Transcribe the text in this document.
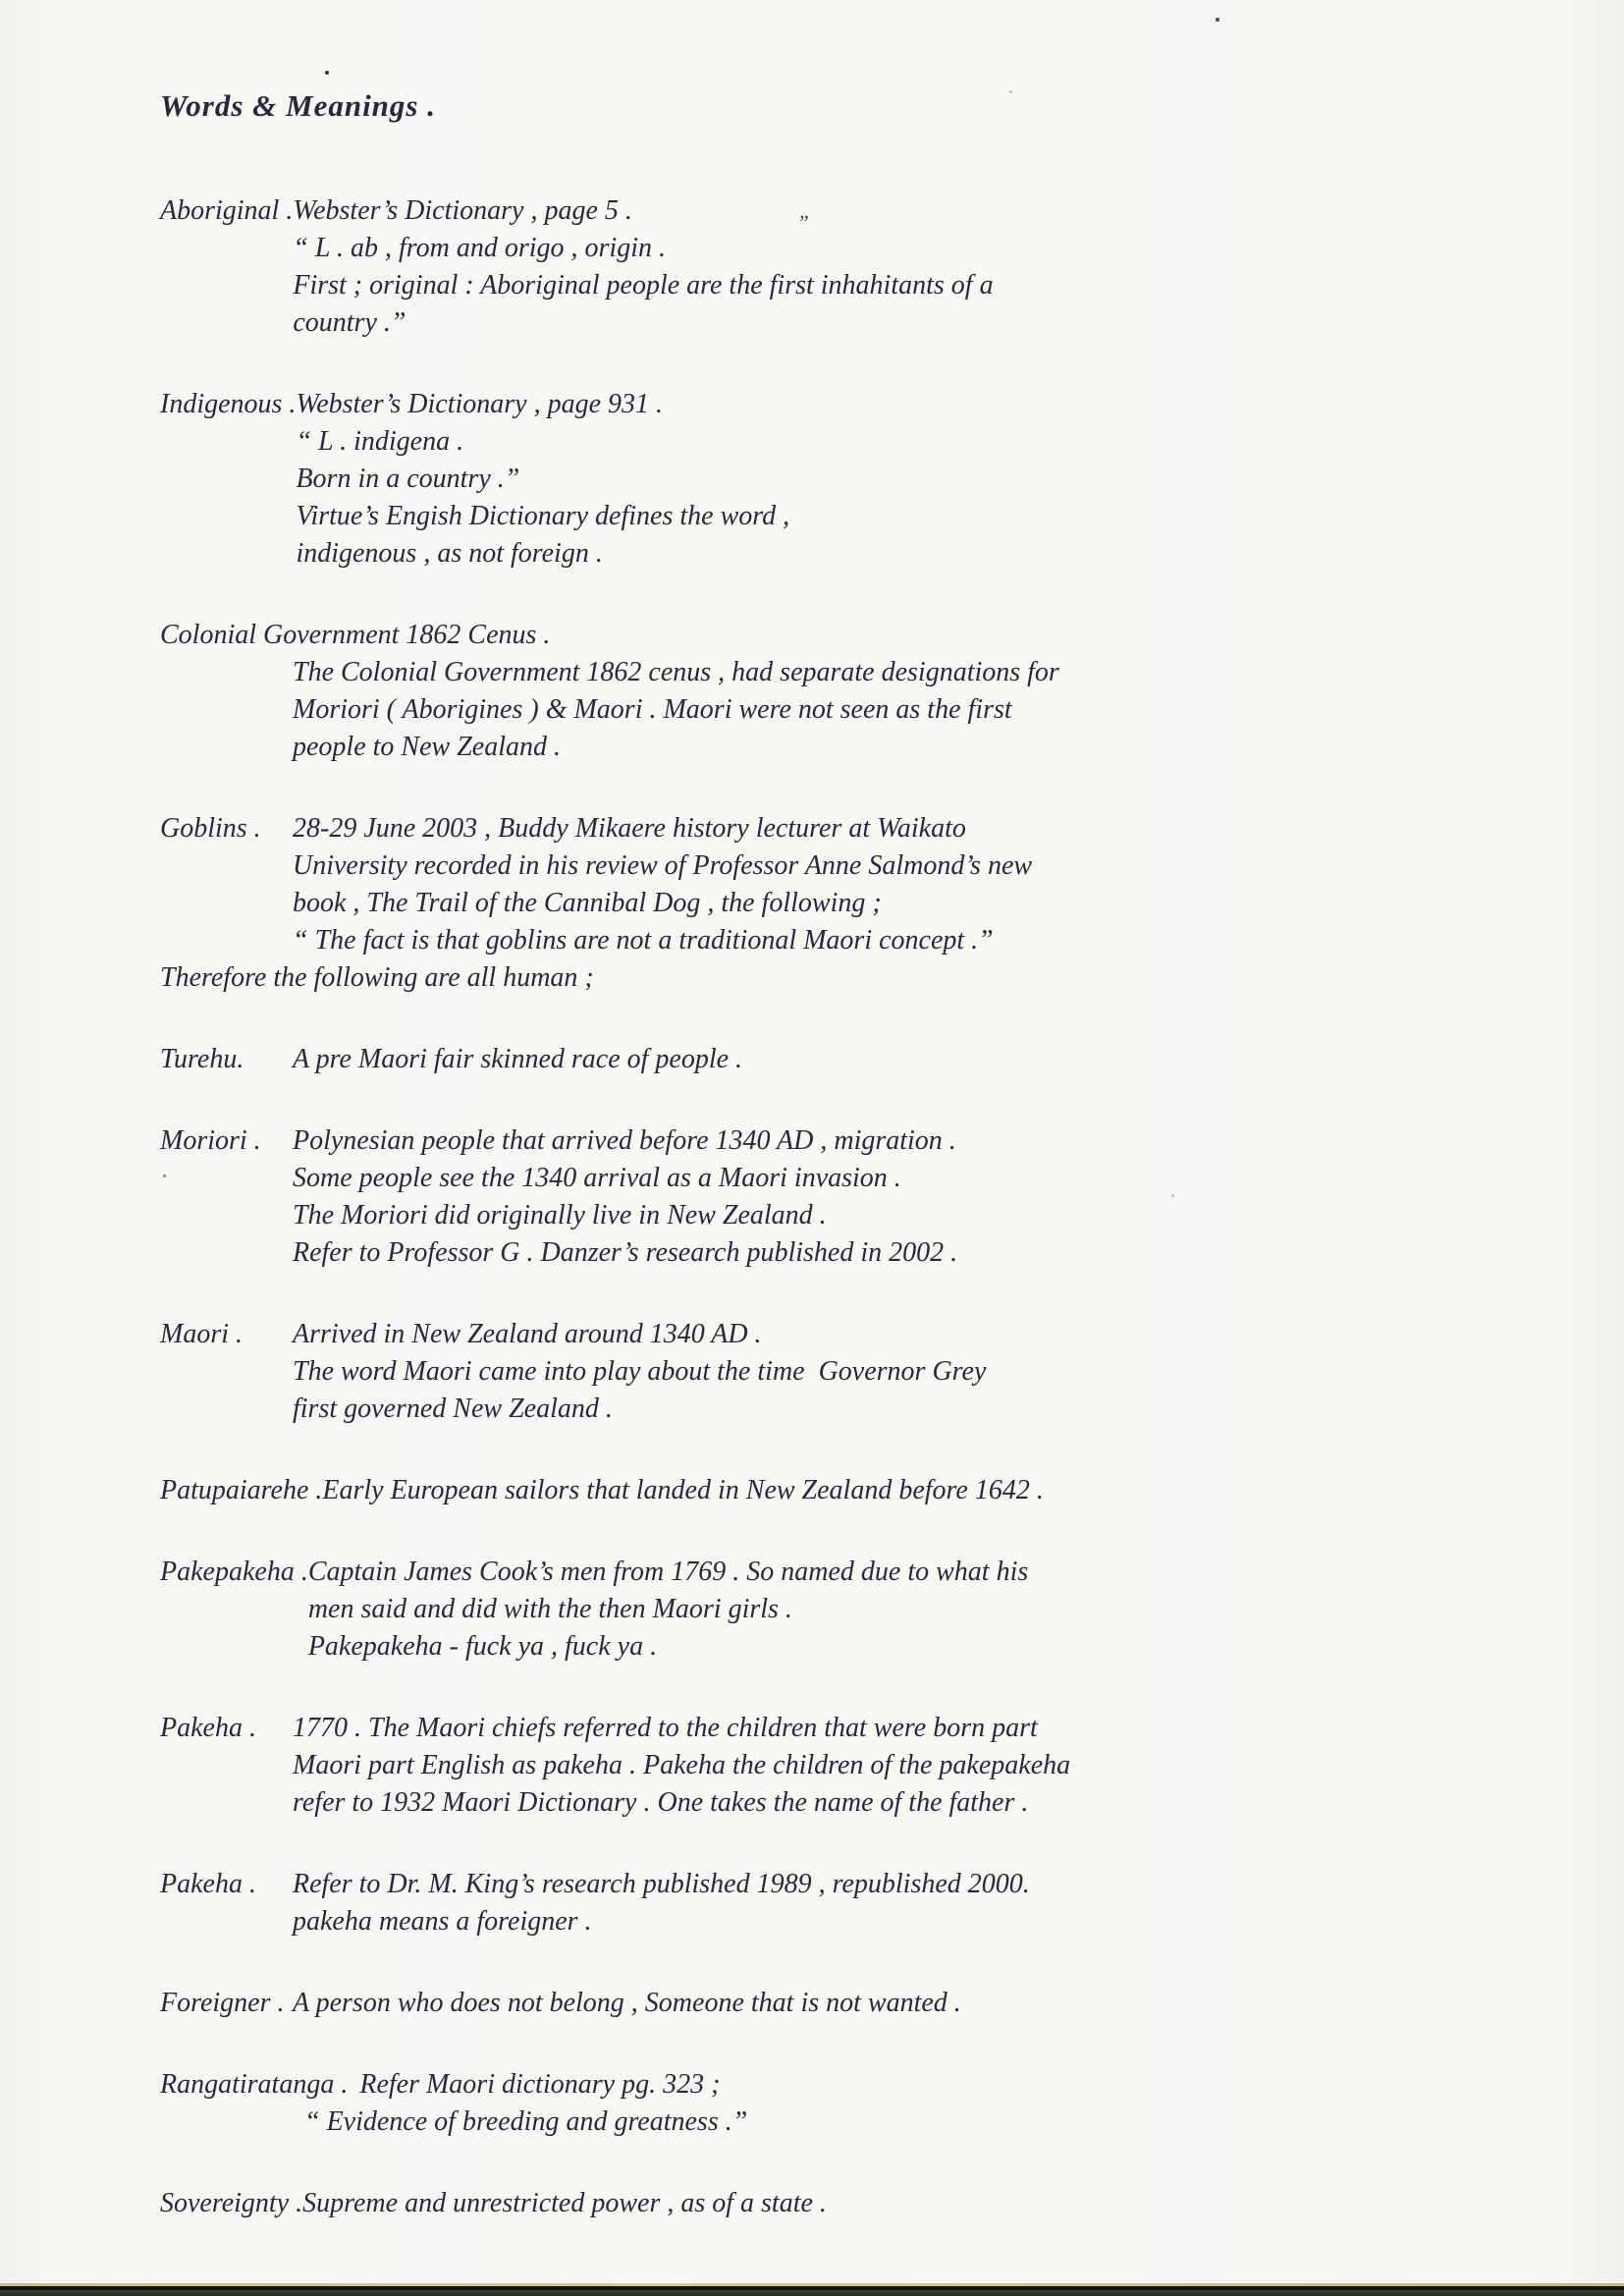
Words & Meanings .
Aboriginal . Webster’s Dictionary , page 5 .
“ L . ab , from and origo , origin .
First ; original : Aboriginal people are the first inhahitants of a
country .”
Indigenous . Webster’s Dictionary , page 931 .
“ L . indigena .
Born in a country .”
Virtue’s Engish Dictionary defines the word ,
indigenous , as not foreign .
Colonial Government 1862 Cenus .
The Colonial Government 1862 cenus , had separate designations for
Moriori ( Aborigines ) & Maori . Maori were not seen as the first
people to New Zealand .
Goblins .	28-29 June 2003 , Buddy Mikaere history lecturer at Waikato
University recorded in his review of Professor Anne Salmond’s new
book , The Trail of the Cannibal Dog , the following ;
“ The fact is that goblins are not a traditional Maori concept .”
Therefore the following are all human ;
Turehu.	A pre Maori fair skinned race of people .
Moriori .	Polynesian people that arrived before 1340 AD , migration .
Some people see the 1340 arrival as a Maori invasion .
The Moriori did originally live in New Zealand .
Refer to Professor G . Danzer’s research published in 2002 .
Maori .	Arrived in New Zealand around 1340 AD .
The word Maori came into play about the time  Governor Grey
first governed New Zealand .
Patupaiarehe .Early European sailors that landed in New Zealand before 1642 .
Pakepakeha . Captain James Cook’s men from 1769 . So named due to what his
men said and did with the then Maori girls .
Pakepakeha - fuck ya , fuck ya .
Pakeha .	1770 . The Maori chiefs referred to the children that were born part
Maori part English as pakeha . Pakeha the children of the pakepakeha
refer to 1932 Maori Dictionary . One takes the name of the father .
Pakeha .	Refer to Dr. M. King’s research published 1989 , republished 2000.
pakeha means a foreigner .
Foreigner . A person who does not belong , Someone that is not wanted .
Rangatiratanga . Refer Maori dictionary pg. 323 ;
“ Evidence of breeding and greatness .”
Sovereignty . Supreme and unrestricted power , as of a state .
„
